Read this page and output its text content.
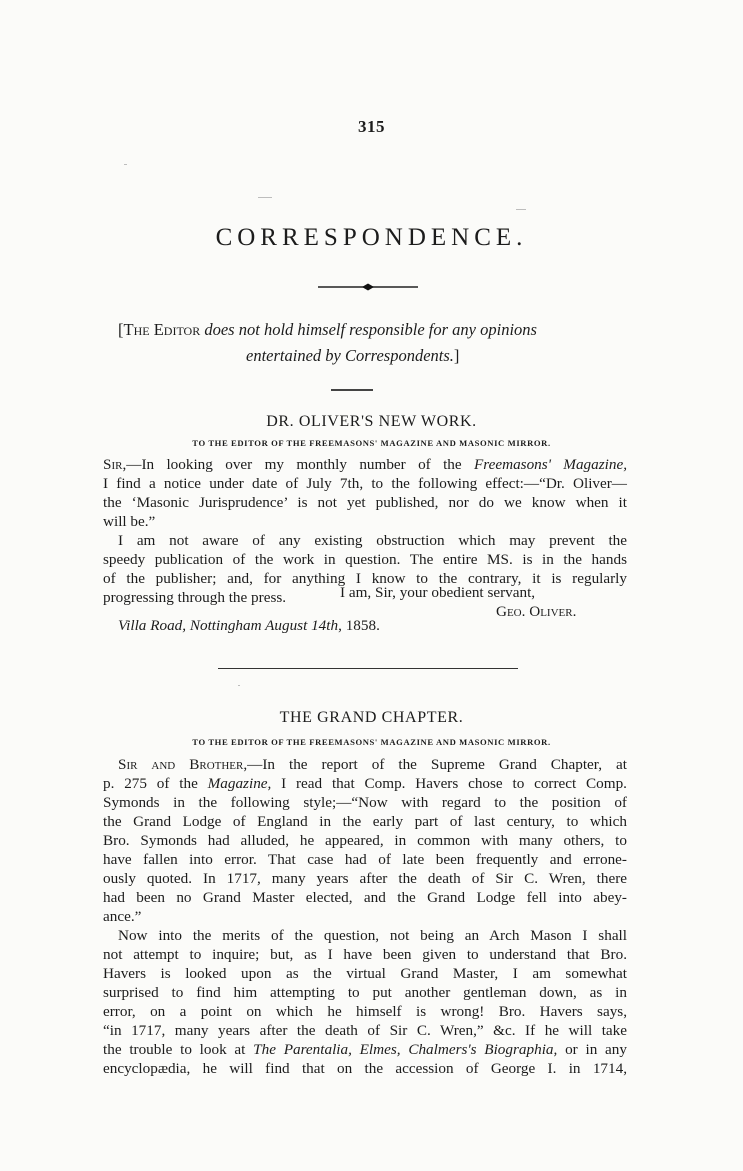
315
CORRESPONDENCE.
[The Editor does not hold himself responsible for any opinions
entertained by Correspondents.]
DR. OLIVER'S NEW WORK.
TO THE EDITOR OF THE FREEMASONS' MAGAZINE AND MASONIC MIRROR.
Sir,—In looking over my monthly number of the Freemasons' Magazine,
I find a notice under date of July 7th, to the following effect:—“Dr. Oliver—
the ‘Masonic Jurisprudence’ is not yet published, nor do we know when it
will be.”
I am not aware of any existing obstruction which may prevent the
speedy publication of the work in question. The entire MS. is in the hands
of the publisher; and, for anything I know to the contrary, it is regularly
progressing through the press.	I am, Sir, your obedient servant,
Geo. Oliver.
Villa Road, Nottingham August 14th, 1858.
THE GRAND CHAPTER.
TO THE EDITOR OF THE FREEMASONS' MAGAZINE AND MASONIC MIRROR.
Sir and Brother,—In the report of the Supreme Grand Chapter, at
p. 275 of the Magazine, I read that Comp. Havers chose to correct Comp.
Symonds in the following style;—“Now with regard to the position of
the Grand Lodge of England in the early part of last century, to which
Bro. Symonds had alluded, he appeared, in common with many others, to
have fallen into error. That case had of late been frequently and errone-
ously quoted. In 1717, many years after the death of Sir C. Wren, there
had been no Grand Master elected, and the Grand Lodge fell into abey-
ance.”
Now into the merits of the question, not being an Arch Mason I shall
not attempt to inquire; but, as I have been given to understand that Bro.
Havers is looked upon as the virtual Grand Master, I am somewhat
surprised to find him attempting to put another gentleman down, as in
error, on a point on which he himself is wrong! Bro. Havers says,
“in 1717, many years after the death of Sir C. Wren,” &c. If he will take
the trouble to look at The Parentalia, Elmes, Chalmers's Biographia, or in any
encyclopædia, he will find that on the accession of George I. in 1714,
